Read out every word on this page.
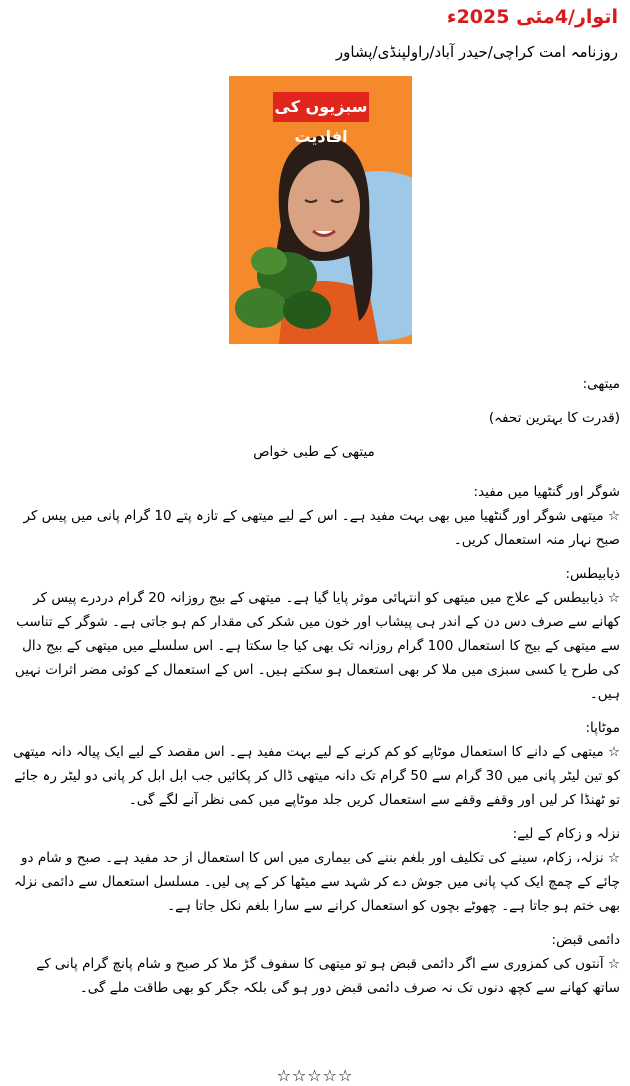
اتوار/4مئی 2025ء
روزنامہ امت کراچی/حیدر آباد/راولپنڈی/پشاور
سبزیوں کی افادیت

میتھی:

(قدرت کا بہترین تحفہ)

میتھی کے طبی خواص

شوگر اور گنٹھیا میں مفید:

☆ میتھی شوگر اور گنٹھیا میں بھی بہت مفید ہے۔ اس کے لیے میتھی کے تازہ پتے 10 گرام پانی میں پیس کر صبح نہار منہ استعمال کریں۔

ذیابیطس:

☆ ذیابیطس کے علاج میں میتھی کو انتہائی موثر پایا گیا ہے۔ میتھی کے بیج روزانہ 20 گرام دردرے پیس کر کھانے سے صرف دس دن کے اندر ہی پیشاب اور خون میں شکر کی مقدار کم ہو جاتی ہے۔ شوگر کے تناسب سے میتھی کے بیج کا استعمال 100 گرام روزانہ تک بھی کیا جا سکتا ہے۔ اس سلسلے میں میتھی کے بیج دال کی طرح یا کسی سبزی میں ملا کر بھی استعمال ہو سکتے ہیں۔ اس کے استعمال کے کوئی مضر اثرات نہیں ہیں۔

موٹاپا:

☆ میتھی کے دانے کا استعمال موٹاپے کو کم کرنے کے لیے بہت مفید ہے۔ اس مقصد کے لیے ایک پیالہ دانہ میتھی کو تین لیٹر پانی میں 30 گرام سے 50 گرام تک دانہ میتھی ڈال کر پکائیں جب ابل ابل کر پانی دو لیٹر رہ جائے تو ٹھنڈا کر لیں اور وقفے وقفے سے استعمال کریں جلد موٹاپے میں کمی نظر آنے لگے گی۔

نزلہ و زکام کے لیے:

☆ نزلہ، زکام، سینے کی تکلیف اور بلغم بننے کی بیماری میں اس کا استعمال از حد مفید ہے۔ صبح و شام دو چائے کے چمچ ایک کپ پانی میں جوش دے کر شہد سے میٹھا کر کے پی لیں۔ مسلسل استعمال سے دائمی نزلہ بھی ختم ہو جاتا ہے۔ چھوٹے بچوں کو استعمال کرانے سے سارا بلغم نکل جاتا ہے۔

دائمی قبض:

☆ آنتوں کی کمزوری سے اگر دائمی قبض ہو تو میتھی کا سفوف گڑ ملا کر صبح و شام پانچ گرام پانی کے ساتھ کھانے سے کچھ دنوں تک نہ صرف دائمی قبض دور ہو گی بلکہ جگر کو بھی طاقت ملے گی۔

☆☆☆☆☆
